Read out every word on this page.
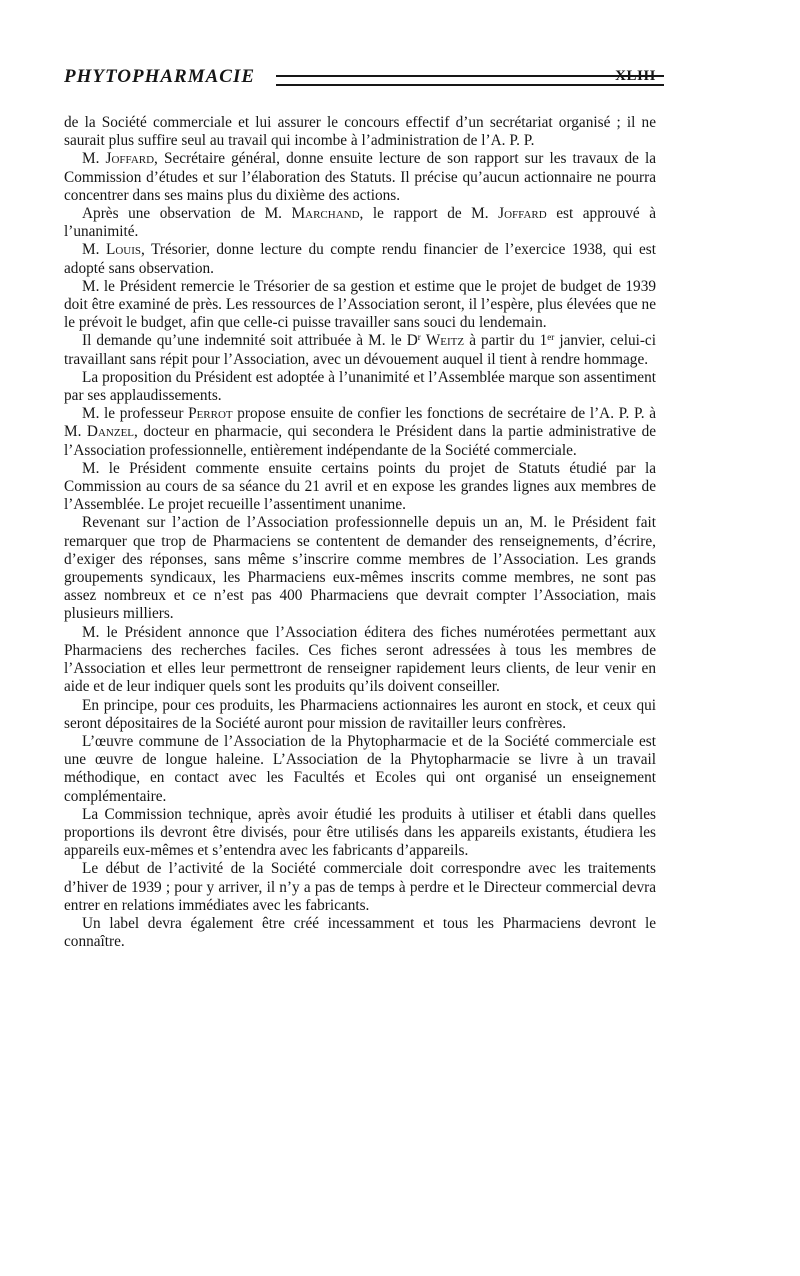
PHYTOPHARMACIE	XLIII

de la Société commerciale et lui assurer le concours effectif d’un secrétariat organisé ; il ne saurait plus suffire seul au travail qui incombe à l’administration de l’A. P. P.

M. Joffard, Secrétaire général, donne ensuite lecture de son rapport sur les travaux de la Commission d’études et sur l’élaboration des Statuts. Il précise qu’aucun actionnaire ne pourra concentrer dans ses mains plus du dixième des actions.

Après une observation de M. Marchand, le rapport de M. Joffard est approuvé à l’unanimité.

M. Louis, Trésorier, donne lecture du compte rendu financier de l’exercice 1938, qui est adopté sans observation.

M. le Président remercie le Trésorier de sa gestion et estime que le projet de budget de 1939 doit être examiné de près. Les ressources de l’Association seront, il l’espère, plus élevées que ne le prévoit le budget, afin que celle-ci puisse travailler sans souci du lendemain.

Il demande qu’une indemnité soit attribuée à M. le $D^r$ Weitz à partir du 1er janvier, celui-ci travaillant sans répit pour l’Association, avec un dévouement auquel il tient à rendre hommage.

La proposition du Président est adoptée à l’unanimité et l’Assemblée marque son assentiment par ses applaudissements.

M. le professeur Perrot propose ensuite de confier les fonctions de secrétaire de l’A. P. P. à M. Danzel, docteur en pharmacie, qui secondera le Président dans la partie administrative de l’Association professionnelle, entièrement indépendante de la Société commerciale.

M. le Président commente ensuite certains points du projet de Statuts étudié par la Commission au cours de sa séance du 21 avril et en expose les grandes lignes aux membres de l’Assemblée. Le projet recueille l’assentiment unanime.

Revenant sur l’action de l’Association professionnelle depuis un an, M. le Président fait remarquer que trop de Pharmaciens se contentent de demander des renseignements, d’écrire, d’exiger des réponses, sans même s’inscrire comme membres de l’Association. Les grands groupements syndicaux, les Pharmaciens eux-mêmes inscrits comme membres, ne sont pas assez nombreux et ce n’est pas 400 Pharmaciens que devrait compter l’Association, mais plusieurs milliers.

M. le Président annonce que l’Association éditera des fiches numérotées permettant aux Pharmaciens des recherches faciles. Ces fiches seront adressées à tous les membres de l’Association et elles leur permettront de renseigner rapidement leurs clients, de leur venir en aide et de leur indiquer quels sont les produits qu’ils doivent conseiller.

En principe, pour ces produits, les Pharmaciens actionnaires les auront en stock, et ceux qui seront dépositaires de la Société auront pour mission de ravitailler leurs confrères.

L’œuvre commune de l’Association de la Phytopharmacie et de la Société commerciale est une œuvre de longue haleine. L’Association de la Phytopharmacie se livre à un travail méthodique, en contact avec les Facultés et Ecoles qui ont organisé un enseignement complémentaire.

La Commission technique, après avoir étudié les produits à utiliser et établi dans quelles proportions ils devront être divisés, pour être utilisés dans les appareils existants, étudiera les appareils eux-mêmes et s’entendra avec les fabricants d’appareils.

Le début de l’activité de la Société commerciale doit correspondre avec les traitements d’hiver de 1939 ; pour y arriver, il n’y a pas de temps à perdre et le Directeur commercial devra entrer en relations immédiates avec les fabricants.

Un label devra également être créé incessamment et tous les Pharmaciens devront le connaître.
